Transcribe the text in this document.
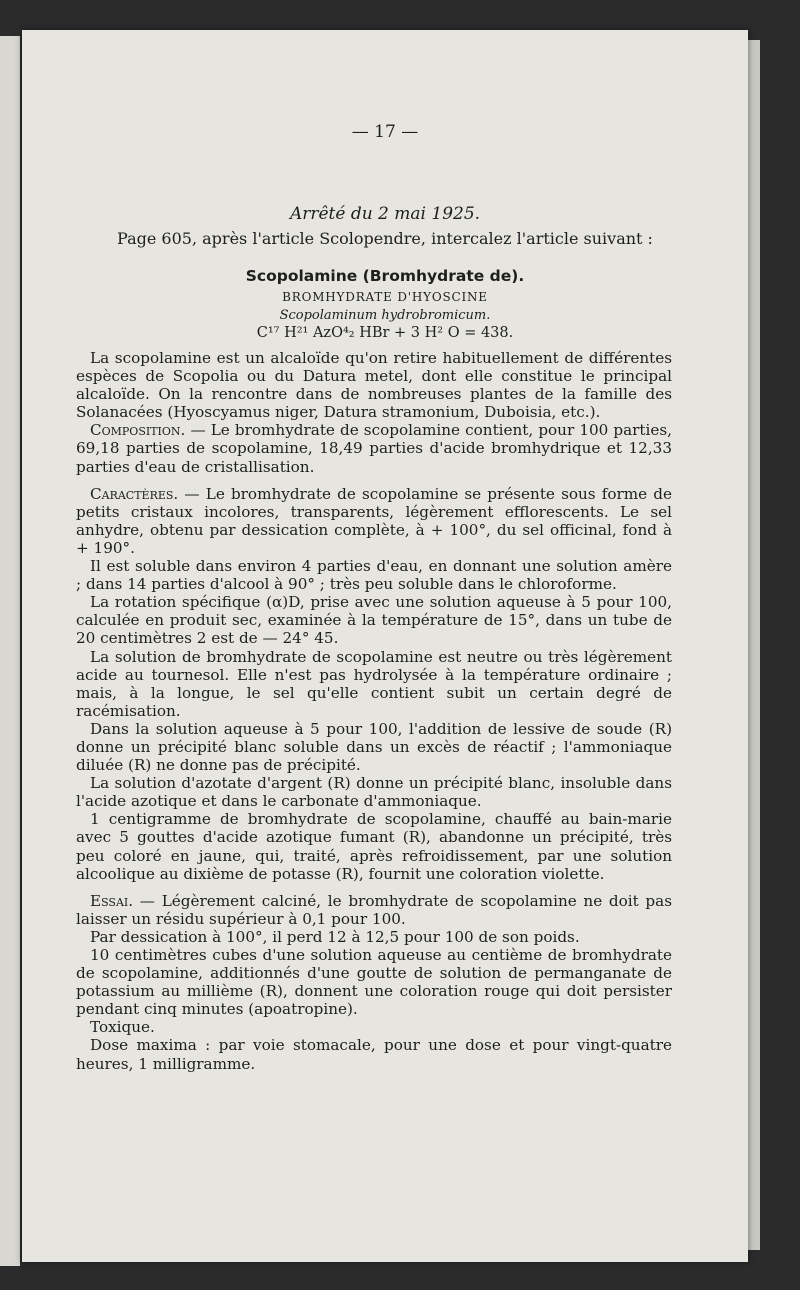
— 17 —
Arrêté du 2 mai 1925.
Page 605, après l'article Scolopendre, intercalez l'article suivant :
Scopolamine (Bromhydrate de).
BROMHYDRATE D'HYOSCINE
Scopolaminum hydrobromicum.
C¹⁷ H²¹ AzO⁴₂ HBr + 3 H² O = 438.

La scopolamine est un alcaloïde qu'on retire habituellement de différentes espèces de Scopolia ou du Datura metel, dont elle constitue le principal alcaloïde. On la rencontre dans de nombreuses plantes de la famille des Solanacées (Hyoscyamus niger, Datura stramonium, Duboisia, etc.).

Composition. — Le bromhydrate de scopolamine contient, pour 100 parties, 69,18 parties de scopolamine, 18,49 parties d'acide bromhydrique et 12,33 parties d'eau de cristallisation.

Caractères. — Le bromhydrate de scopolamine se présente sous forme de petits cristaux incolores, transparents, légèrement efflorescents. Le sel anhydre, obtenu par dessication complète, à + 100°, du sel officinal, fond à + 190°.

Il est soluble dans environ 4 parties d'eau, en donnant une solution amère ; dans 14 parties d'alcool à 90° ; très peu soluble dans le chloroforme.

La rotation spécifique (α)D, prise avec une solution aqueuse à 5 pour 100, calculée en produit sec, examinée à la température de 15°, dans un tube de 20 centimètres 2 est de — 24° 45.

La solution de bromhydrate de scopolamine est neutre ou très légèrement acide au tournesol. Elle n'est pas hydrolysée à la température ordinaire ; mais, à la longue, le sel qu'elle contient subit un certain degré de racémisation.

Dans la solution aqueuse à 5 pour 100, l'addition de lessive de soude (R) donne un précipité blanc soluble dans un excès de réactif ; l'ammoniaque diluée (R) ne donne pas de précipité.

La solution d'azotate d'argent (R) donne un précipité blanc, insoluble dans l'acide azotique et dans le carbonate d'ammoniaque.

1 centigramme de bromhydrate de scopolamine, chauffé au bain-marie avec 5 gouttes d'acide azotique fumant (R), abandonne un précipité, très peu coloré en jaune, qui, traité, après refroidissement, par une solution alcoolique au dixième de potasse (R), fournit une coloration violette.

Essai. — Légèrement calciné, le bromhydrate de scopolamine ne doit pas laisser un résidu supérieur à 0,1 pour 100.

Par dessication à 100°, il perd 12 à 12,5 pour 100 de son poids.

10 centimètres cubes d'une solution aqueuse au centième de bromhydrate de scopolamine, additionnés d'une goutte de solution de permanganate de potassium au millième (R), donnent une coloration rouge qui doit persister pendant cinq minutes (apoatropine).

Toxique.

Dose maxima : par voie stomacale, pour une dose et pour vingt-quatre heures, 1 milligramme.
